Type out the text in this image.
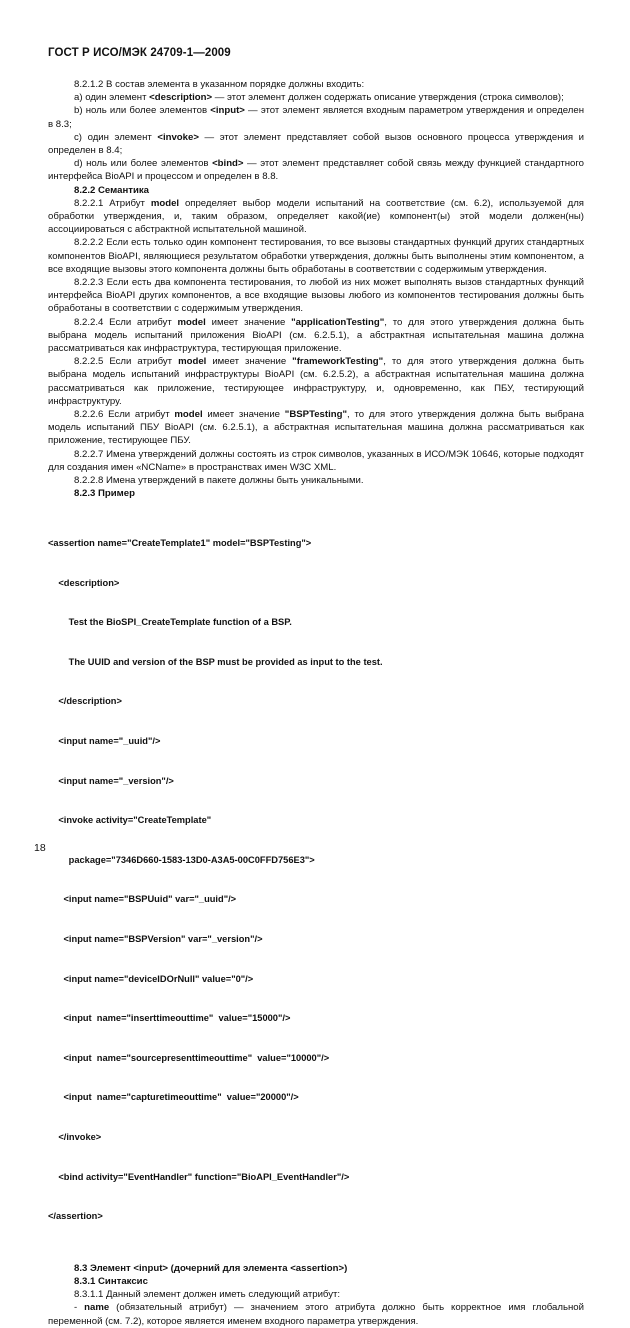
ГОСТ Р ИСО/МЭК 24709-1—2009

8.2.1.2 В состав элемента в указанном порядке должны входить:

а) один элемент <description> — этот элемент должен содержать описание утверждения (строка символов);

b) ноль или более элементов <input> — этот элемент является входным параметром утверждения и определен в 8.3;

с) один элемент <invoke> — этот элемент представляет собой вызов основного процесса утверждения и определен в 8.4;

d) ноль или более элементов <bind> — этот элемент представляет собой связь между функцией стандартного интерфейса BioAPI и процессом и определен в 8.8.

8.2.2 Семантика

8.2.2.1 Атрибут model определяет выбор модели испытаний на соответствие (см. 6.2), используемой для обработки утверждения, и, таким образом, определяет какой(ие) компонент(ы) этой модели должен(ны) ассоциироваться с абстрактной испытательной машиной.

8.2.2.2 Если есть только один компонент тестирования, то все вызовы стандартных функций других стандартных компонентов BioAPI, являющиеся результатом обработки утверждения, должны быть выполнены этим компонентом, а все входящие вызовы этого компонента должны быть обработаны в соответствии с содержимым утверждения.

8.2.2.3 Если есть два компонента тестирования, то любой из них может выполнять вызов стандартных функций интерфейса BioAPI других компонентов, а все входящие вызовы любого из компонентов тестирования должны быть обработаны в соответствии с содержимым утверждения.

8.2.2.4 Если атрибут model имеет значение "applicationTesting", то для этого утверждения должна быть выбрана модель испытаний приложения BioAPI (см. 6.2.5.1), а абстрактная испытательная машина должна рассматриваться как инфраструктура, тестирующая приложение.

8.2.2.5 Если атрибут model имеет значение "frameworkTesting", то для этого утверждения должна быть выбрана модель испытаний инфраструктуры BioAPI (см. 6.2.5.2), а абстрактная испытательная машина должна рассматриваться как приложение, тестирующее инфраструктуру, и, одновременно, как ПБУ, тестирующий инфраструктуру.

8.2.2.6 Если атрибут model имеет значение "BSPTesting", то для этого утверждения должна быть выбрана модель испытаний ПБУ BioAPI (см. 6.2.5.1), а абстрактная испытательная машина должна рассматриваться как приложение, тестирующее ПБУ.

8.2.2.7 Имена утверждений должны состоять из строк символов, указанных в ИСО/МЭК 10646, которые подходят для создания имен «NCName» в пространствах имен W3C XML.

8.2.2.8 Имена утверждений в пакете должны быть уникальными.

8.2.3 Пример

<assertion name="CreateTemplate1" model="BSPTesting">

<description>

Test the BioSPI_CreateTemplate function of a BSP.

The UUID and version of the BSP must be provided as input to the test.

</description>

<input name="_uuid"/>

<input name="_version"/>

<invoke activity="CreateTemplate"

package="7346D660-1583-13D0-A3A5-00C0FFD756E3">

<input name="BSPUuid" var="_uuid"/>

<input name="BSPVersion" var="_version"/>

<input name="deviceIDOrNull" value="0"/>

<input  name="inserttimeouttime"  value="15000"/>

<input  name="sourcepresenttimeouttime"  value="10000"/>

<input  name="capturetimeouttime"  value="20000"/>

</invoke>

<bind activity="EventHandler" function="BioAPI_EventHandler"/>

</assertion>

8.3 Элемент <input> (дочерний для элемента <assertion>)

8.3.1 Синтаксис

8.3.1.1 Данный элемент должен иметь следующий атрибут:

- name (обязательный атрибут) — значением этого атрибута должно быть корректное имя глобальной переменной (см. 7.2), которое является именем входного параметра утверждения.

18
